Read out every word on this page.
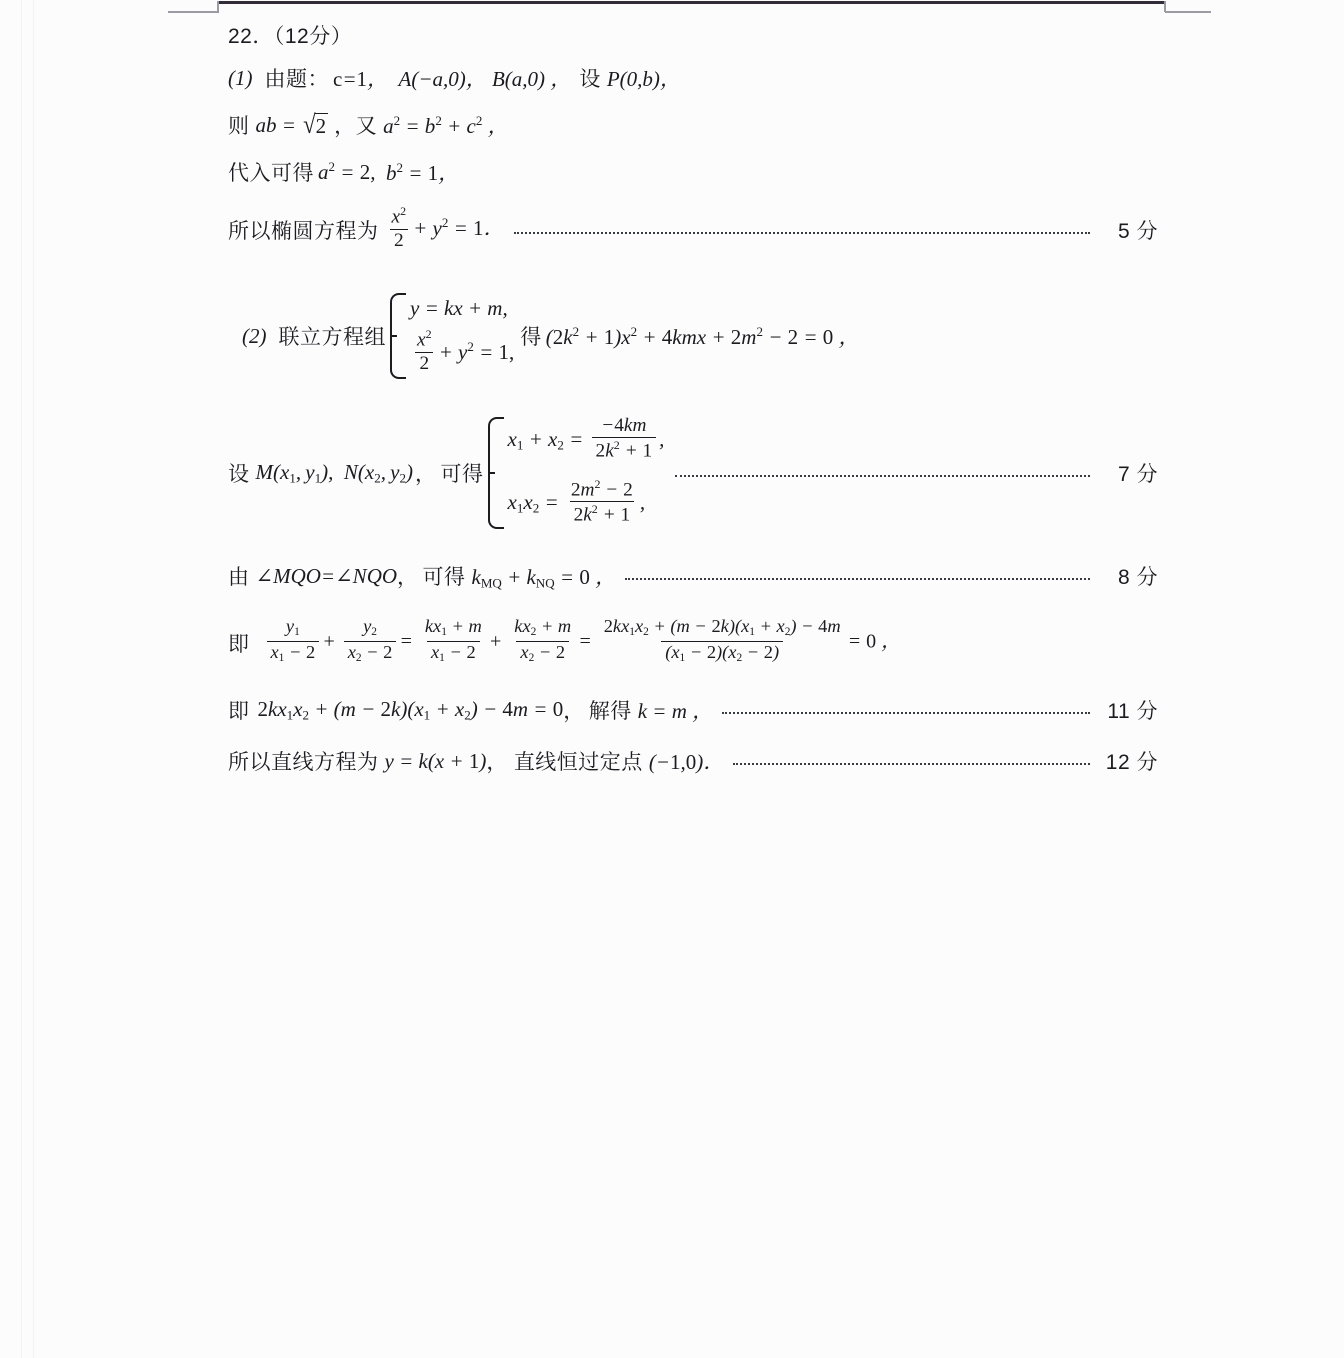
22．（12分）
(1) 由题： c=1，  A(−a,0)， B(a,0) ， 设 P(0,b)，
则 ab = √2 ，又 $a^2 = b^2 + c^2$ ，
代入可得 $a^2 = 2$, $b^2 = 1$，
所以椭圆方程为 $\frac{x^2}{2} + y^2 = 1$．	5 分
(2) 联立方程组
y = kx + m,
$\frac{x^2}{2} + y^2 = 1$,
得 $(2k^2 + 1)x^2 + 4kmx + 2m^2 - 2 = 0$ ，
设 $M(x_1$, $y_1$),  $N(x_2$, $y_2$) ， 可得
$x_1 + x_2 = \frac{-4km}{2k^2 + 1}$ ,
$x_1x_2 = \frac{2m^2 - 2}{2k^2 + 1}$ ,
7 分
由 ∠MQO=∠NQO ， 可得 $k_{MQ} + k_{NQ} = 0$ ，	8 分
即 $\frac{y_1}{x_1 - 2} + \frac{y_2}{x_2 - 2} = \frac{kx_1 + m}{x_1 - 2} + \frac{kx_2 + m}{x_2 - 2} = \frac{2kx_1x_2 + (m - 2k)(x_1 + x_2) - 4m}{(x_1 - 2)(x_2 - 2)} = 0$ ，
即 $2kx_1x_2 + (m - 2k)(x_1 + x_2) - 4m = 0$ ， 解得 k = m ，	11 分
所以直线方程为 y = k(x + 1) ， 直线恒过定点 (−1,0)．	12 分
